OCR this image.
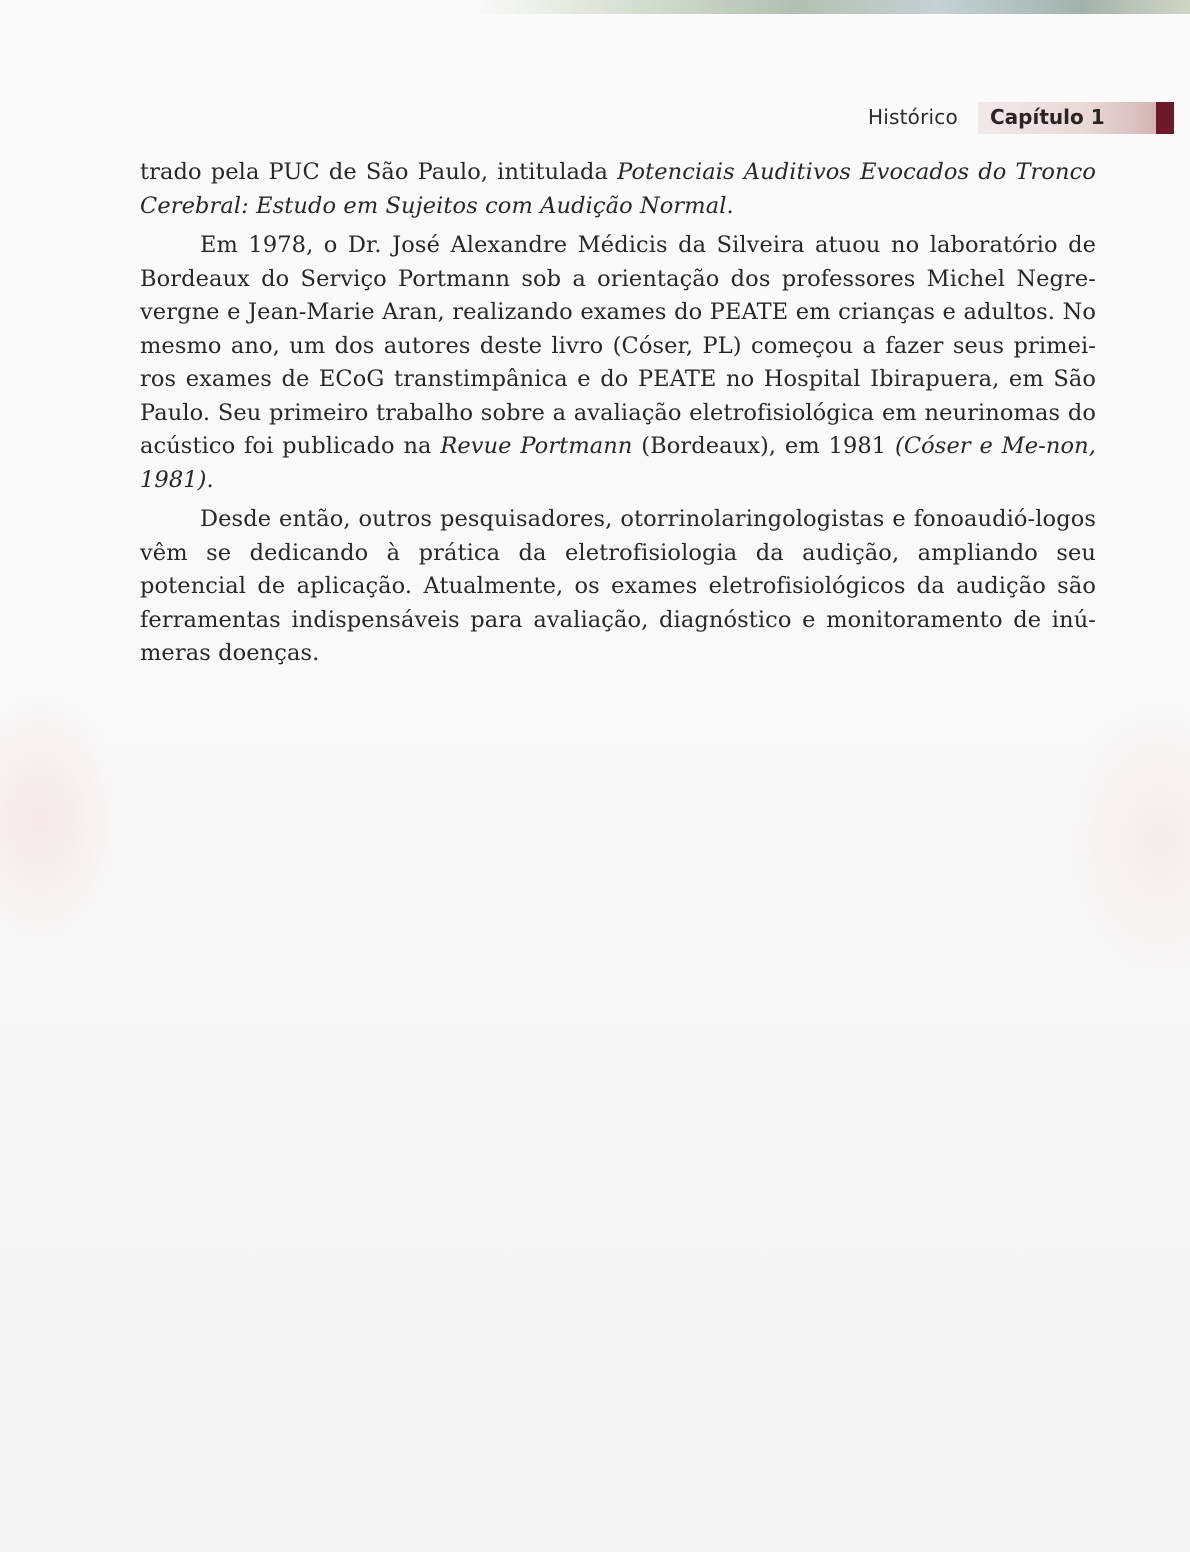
Histórico Capítulo 1

trado pela PUC de São Paulo, intitulada Potenciais Auditivos Evocados do Tronco Cerebral: Estudo em Sujeitos com Audição Normal.

Em 1978, o Dr. José Alexandre Médicis da Silveira atuou no laboratório de Bordeaux do Serviço Portmann sob a orientação dos professores Michel Negre-vergne e Jean-Marie Aran, realizando exames do PEATE em crianças e adultos. No mesmo ano, um dos autores deste livro (Cóser, PL) começou a fazer seus primei-ros exames de ECoG transtimpânica e do PEATE no Hospital Ibirapuera, em São Paulo. Seu primeiro trabalho sobre a avaliação eletrofisiológica em neurinomas do acústico foi publicado na Revue Portmann (Bordeaux), em 1981 (Cóser e Me-non, 1981).

Desde então, outros pesquisadores, otorrinolaringologistas e fonoaudió-logos vêm se dedicando à prática da eletrofisiologia da audição, ampliando seu potencial de aplicação. Atualmente, os exames eletrofisiológicos da audição são ferramentas indispensáveis para avaliação, diagnóstico e monitoramento de inú-meras doenças.
